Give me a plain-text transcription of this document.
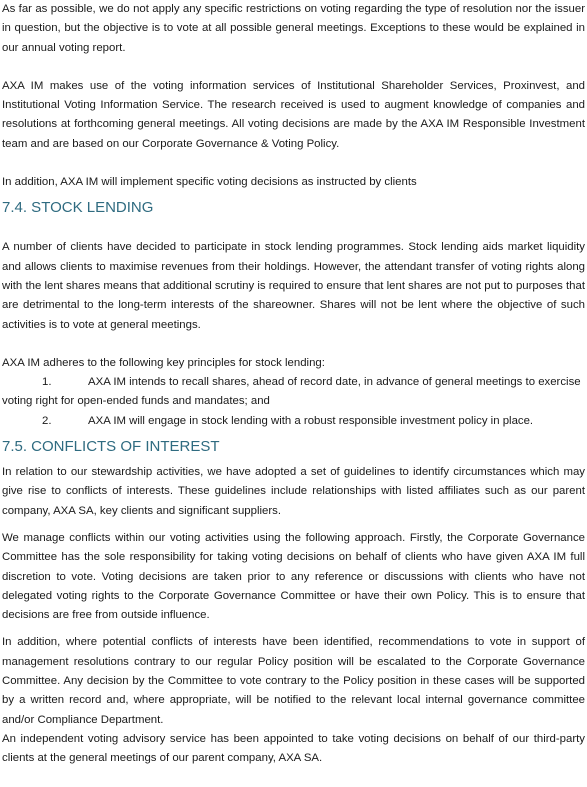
As far as possible, we do not apply any specific restrictions on voting regarding the type of resolution nor the issuer in question, but the objective is to vote at all possible general meetings. Exceptions to these would be explained in our annual voting report.

AXA IM makes use of the voting information services of Institutional Shareholder Services, Proxinvest, and Institutional Voting Information Service. The research received is used to augment knowledge of companies and resolutions at forthcoming general meetings. All voting decisions are made by the AXA IM Responsible Investment team and are based on our Corporate Governance & Voting Policy.

In addition, AXA IM will implement specific voting decisions as instructed by clients

7.4. STOCK LENDING

A number of clients have decided to participate in stock lending programmes. Stock lending aids market liquidity and allows clients to maximise revenues from their holdings. However, the attendant transfer of voting rights along with the lent shares means that additional scrutiny is required to ensure that lent shares are not put to purposes that are detrimental to the long-term interests of the shareowner. Shares will not be lent where the objective of such activities is to vote at general meetings.

AXA IM adheres to the following key principles for stock lending:

1.	AXA IM intends to recall shares, ahead of record date, in advance of general meetings to exercise voting right for open-ended funds and mandates; and

2.	AXA IM will engage in stock lending with a robust responsible investment policy in place.

7.5. CONFLICTS OF INTEREST

In relation to our stewardship activities, we have adopted a set of guidelines to identify circumstances which may give rise to conflicts of interests. These guidelines include relationships with listed affiliates such as our parent company, AXA SA, key clients and significant suppliers.

We manage conflicts within our voting activities using the following approach. Firstly, the Corporate Governance Committee has the sole responsibility for taking voting decisions on behalf of clients who have given AXA IM full discretion to vote. Voting decisions are taken prior to any reference or discussions with clients who have not delegated voting rights to the Corporate Governance Committee or have their own Policy. This is to ensure that decisions are free from outside influence.

In addition, where potential conflicts of interests have been identified, recommendations to vote in support of management resolutions contrary to our regular Policy position will be escalated to the Corporate Governance Committee. Any decision by the Committee to vote contrary to the Policy position in these cases will be supported by a written record and, where appropriate, will be notified to the relevant local internal governance committee and/or Compliance Department.

An independent voting advisory service has been appointed to take voting decisions on behalf of our third-party clients at the general meetings of our parent company, AXA SA.
